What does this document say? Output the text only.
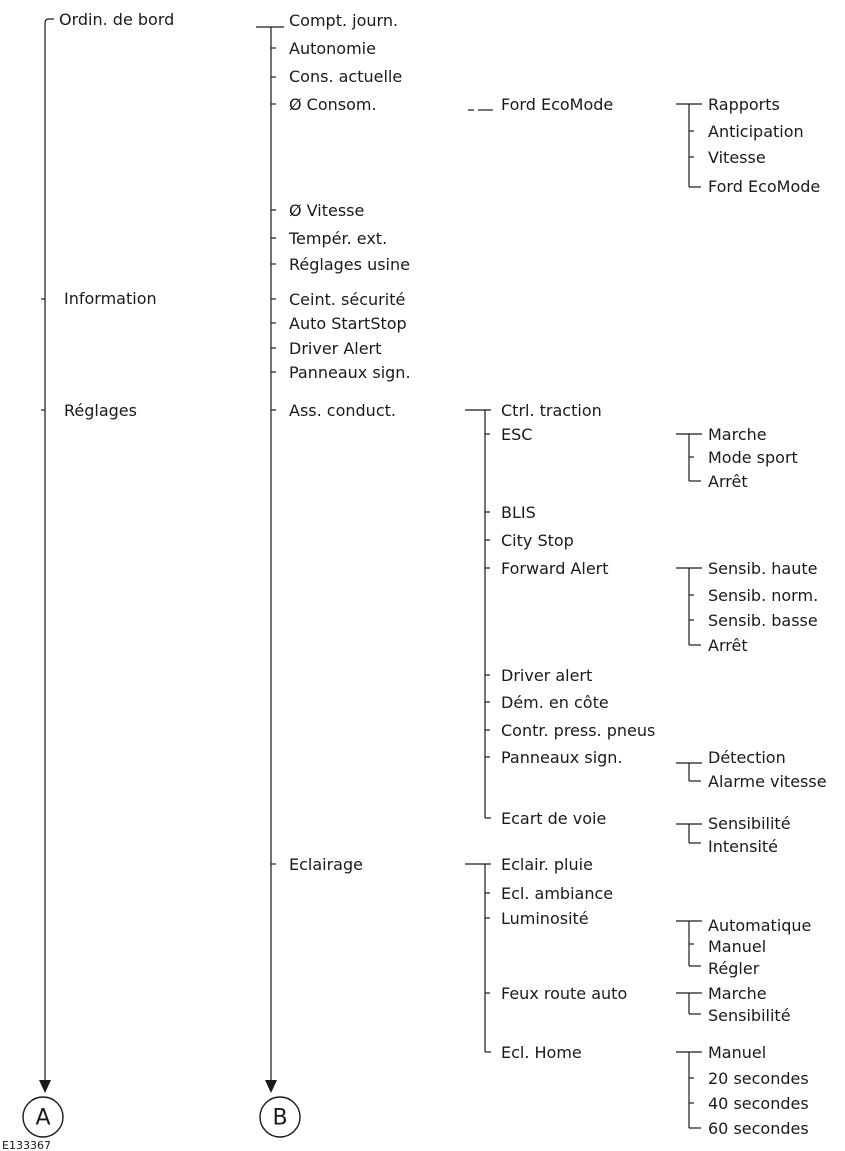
A	B
Ordin. de bord
Information
Réglages
Compt. journ.
Autonomie
Cons. actuelle
Ø Consom.
Ø Vitesse
Tempér. ext.
Réglages usine
Ceint. sécurité
Auto StartStop
Driver Alert
Panneaux sign.
Ass. conduct.
Eclairage
Ford EcoMode
Ctrl. traction
ESC
BLIS
City Stop
Forward Alert
Driver alert
Dém. en côte
Contr. press. pneus
Panneaux sign.
Ecart de voie
Eclair. pluie
Ecl. ambiance
Luminosité
Feux route auto
Ecl. Home
Rapports
Anticipation
Vitesse
Ford EcoMode
Marche
Mode sport
Arrêt
Sensib. haute
Sensib. norm.
Sensib. basse
Arrêt
Détection
Alarme vitesse
Sensibilité
Intensité
Automatique
Manuel
Régler
Marche
Sensibilité
Manuel
20 secondes
40 secondes
60 secondes
E133367
